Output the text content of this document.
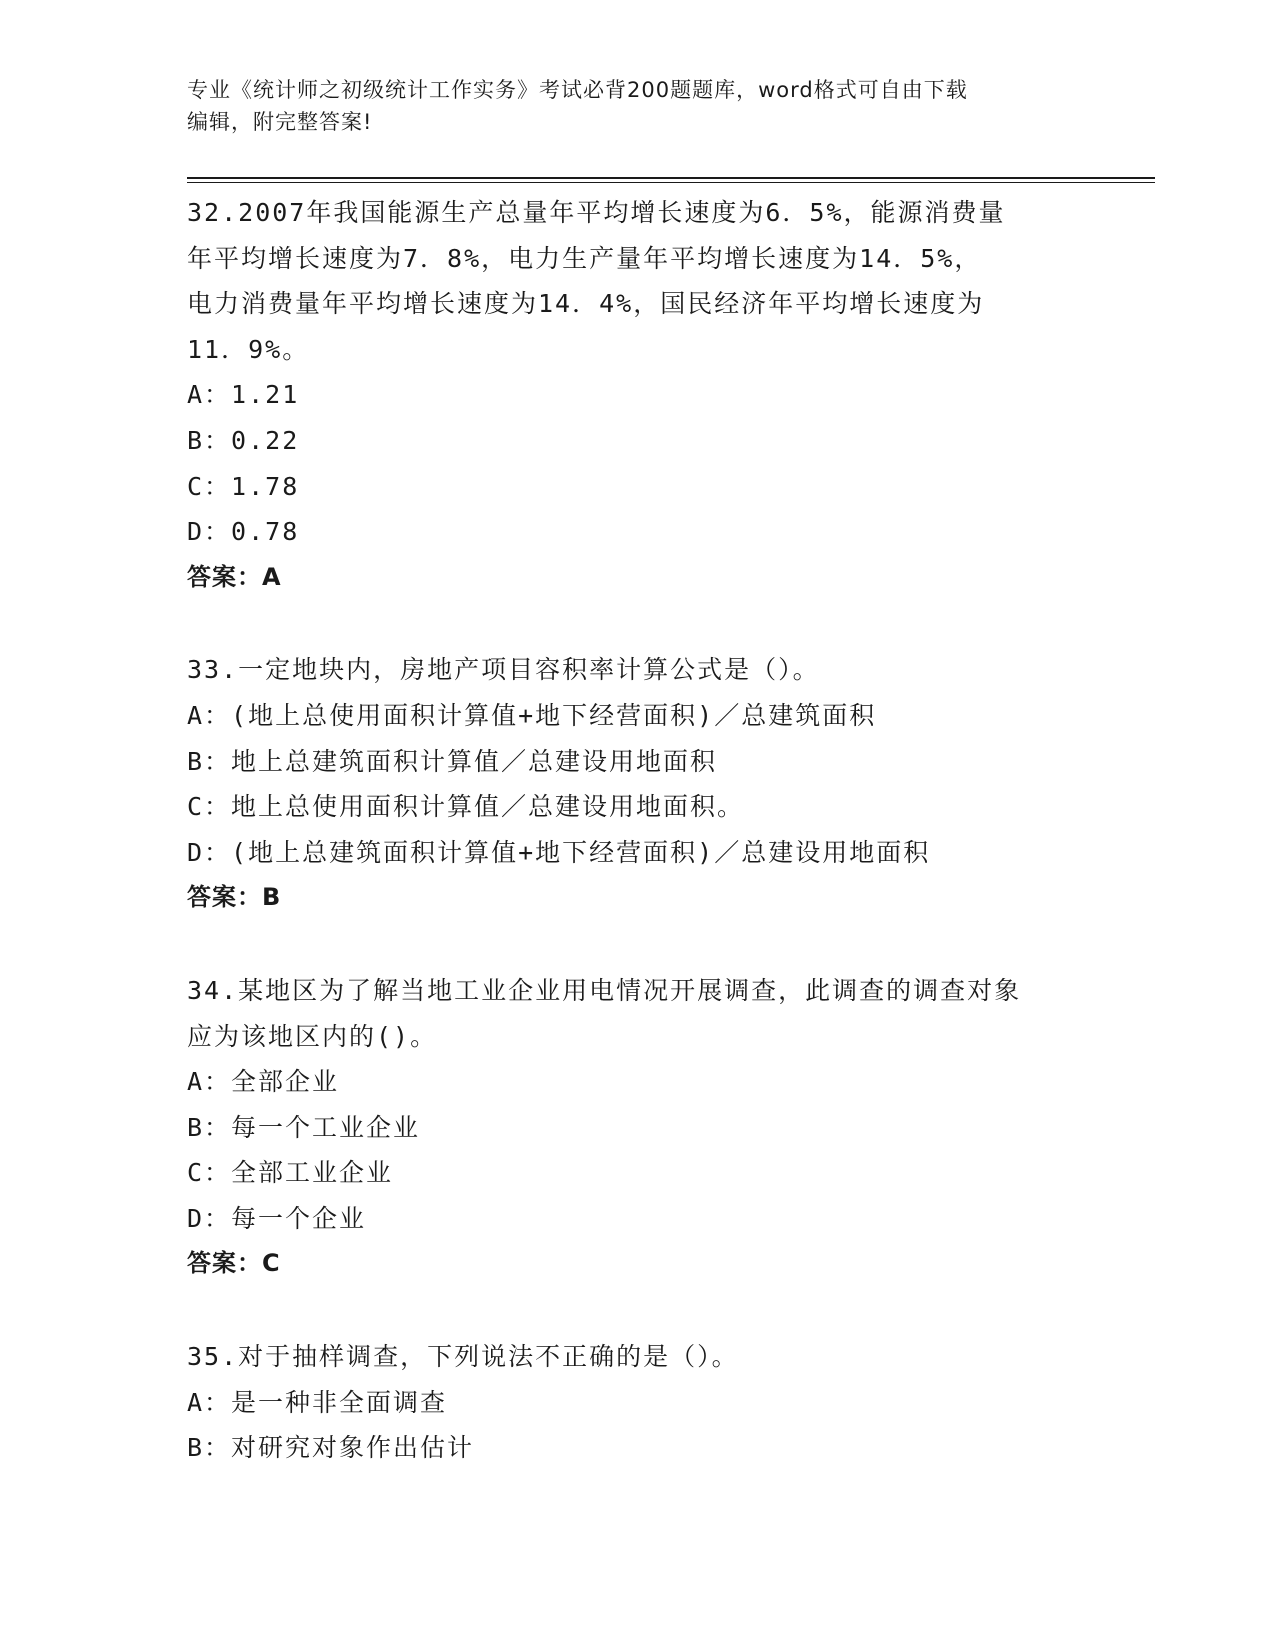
专业《统计师之初级统计工作实务》考试必背200题题库，word格式可自由下载
编辑，附完整答案!
32.2007年我国能源生产总量年平均增长速度为6．5%，能源消费量
年平均增长速度为7．8%，电力生产量年平均增长速度为14．5%，
电力消费量年平均增长速度为14．4%，国民经济年平均增长速度为
11．9%。
A：1.21
B：0.22
C：1.78
D：0.78
答案：A
33.一定地块内，房地产项目容积率计算公式是（）。
A：(地上总使用面积计算值+地下经营面积)／总建筑面积
B：地上总建筑面积计算值／总建设用地面积
C：地上总使用面积计算值／总建设用地面积。
D：(地上总建筑面积计算值+地下经营面积)／总建设用地面积
答案：B
34.某地区为了解当地工业企业用电情况开展调查，此调查的调查对象
应为该地区内的()。
A：全部企业
B：每一个工业企业
C：全部工业企业
D：每一个企业
答案：C
35.对于抽样调查，下列说法不正确的是（）。
A：是一种非全面调查
B：对研究对象作出估计
